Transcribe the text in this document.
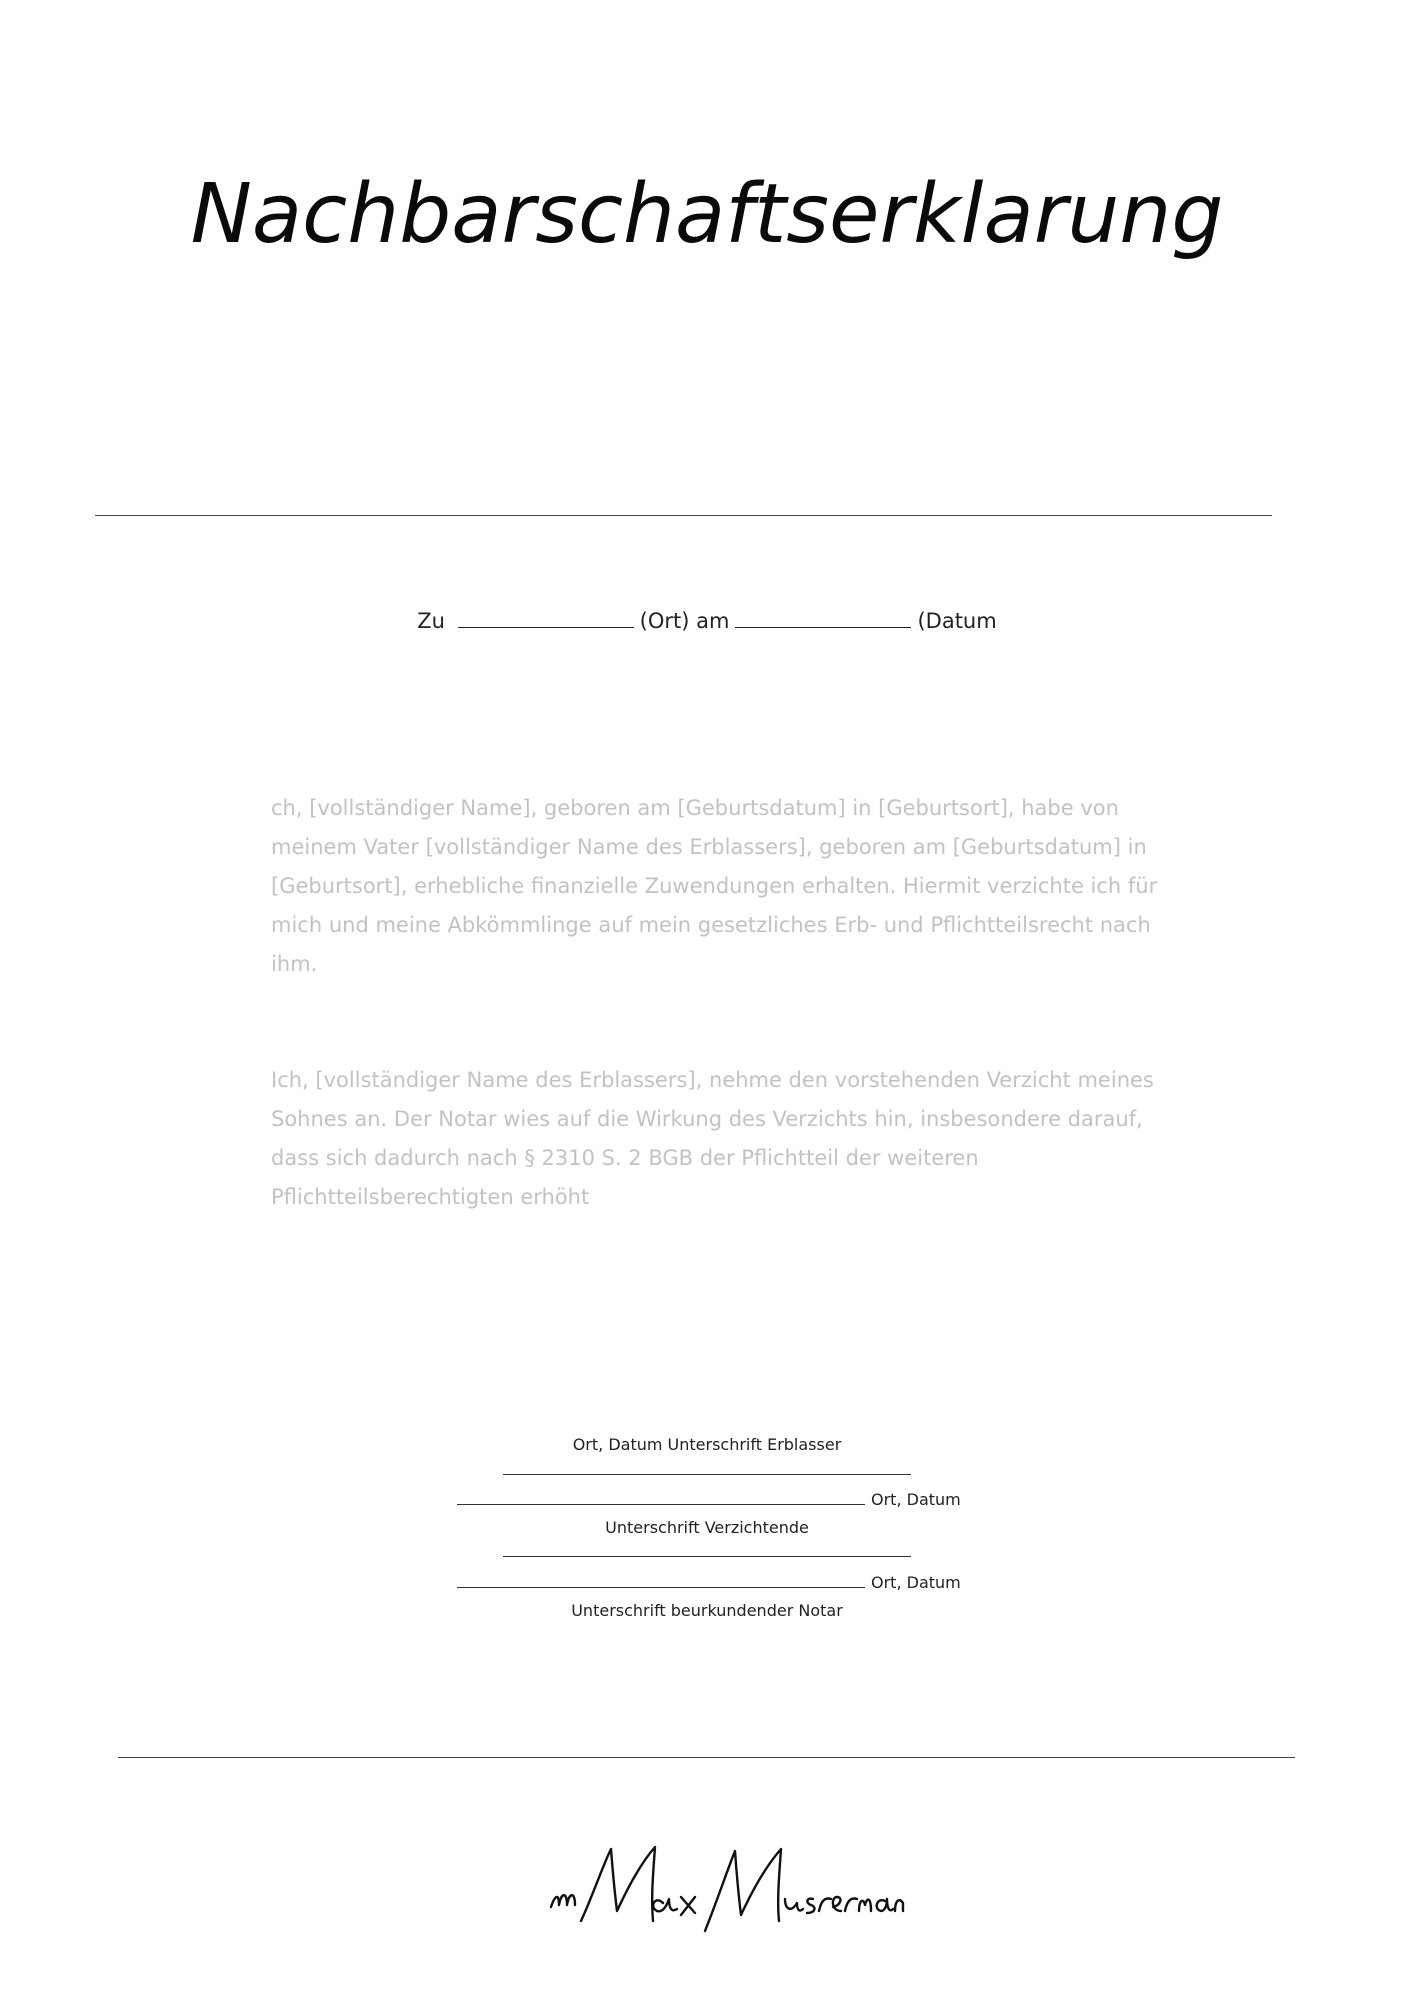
Nachbarschaftserklarung
Zu	(Ort) am	(Datum

ch, [vollständiger Name], geboren am [Geburtsdatum] in [Geburtsort], habe von meinem Vater [vollständiger Name des Erblassers], geboren am [Geburtsdatum] in [Geburtsort], erhebliche finanzielle Zuwendungen erhalten. Hiermit verzichte ich für mich und meine Abkömmlinge auf mein gesetzliches Erb- und Pflichtteilsrecht nach ihm.

Ich, [vollständiger Name des Erblassers], nehme den vorstehenden Verzicht meines Sohnes an. Der Notar wies auf die Wirkung des Verzichts hin, insbesondere darauf, dass sich dadurch nach § 2310 S. 2 BGB der Pflichtteil der weiteren Pflichtteilsberechtigten erhöht

Ort, Datum Unterschrift Erblasser
Ort, Datum
Unterschrift Verzichtende
Ort, Datum
Unterschrift beurkundender Notar
